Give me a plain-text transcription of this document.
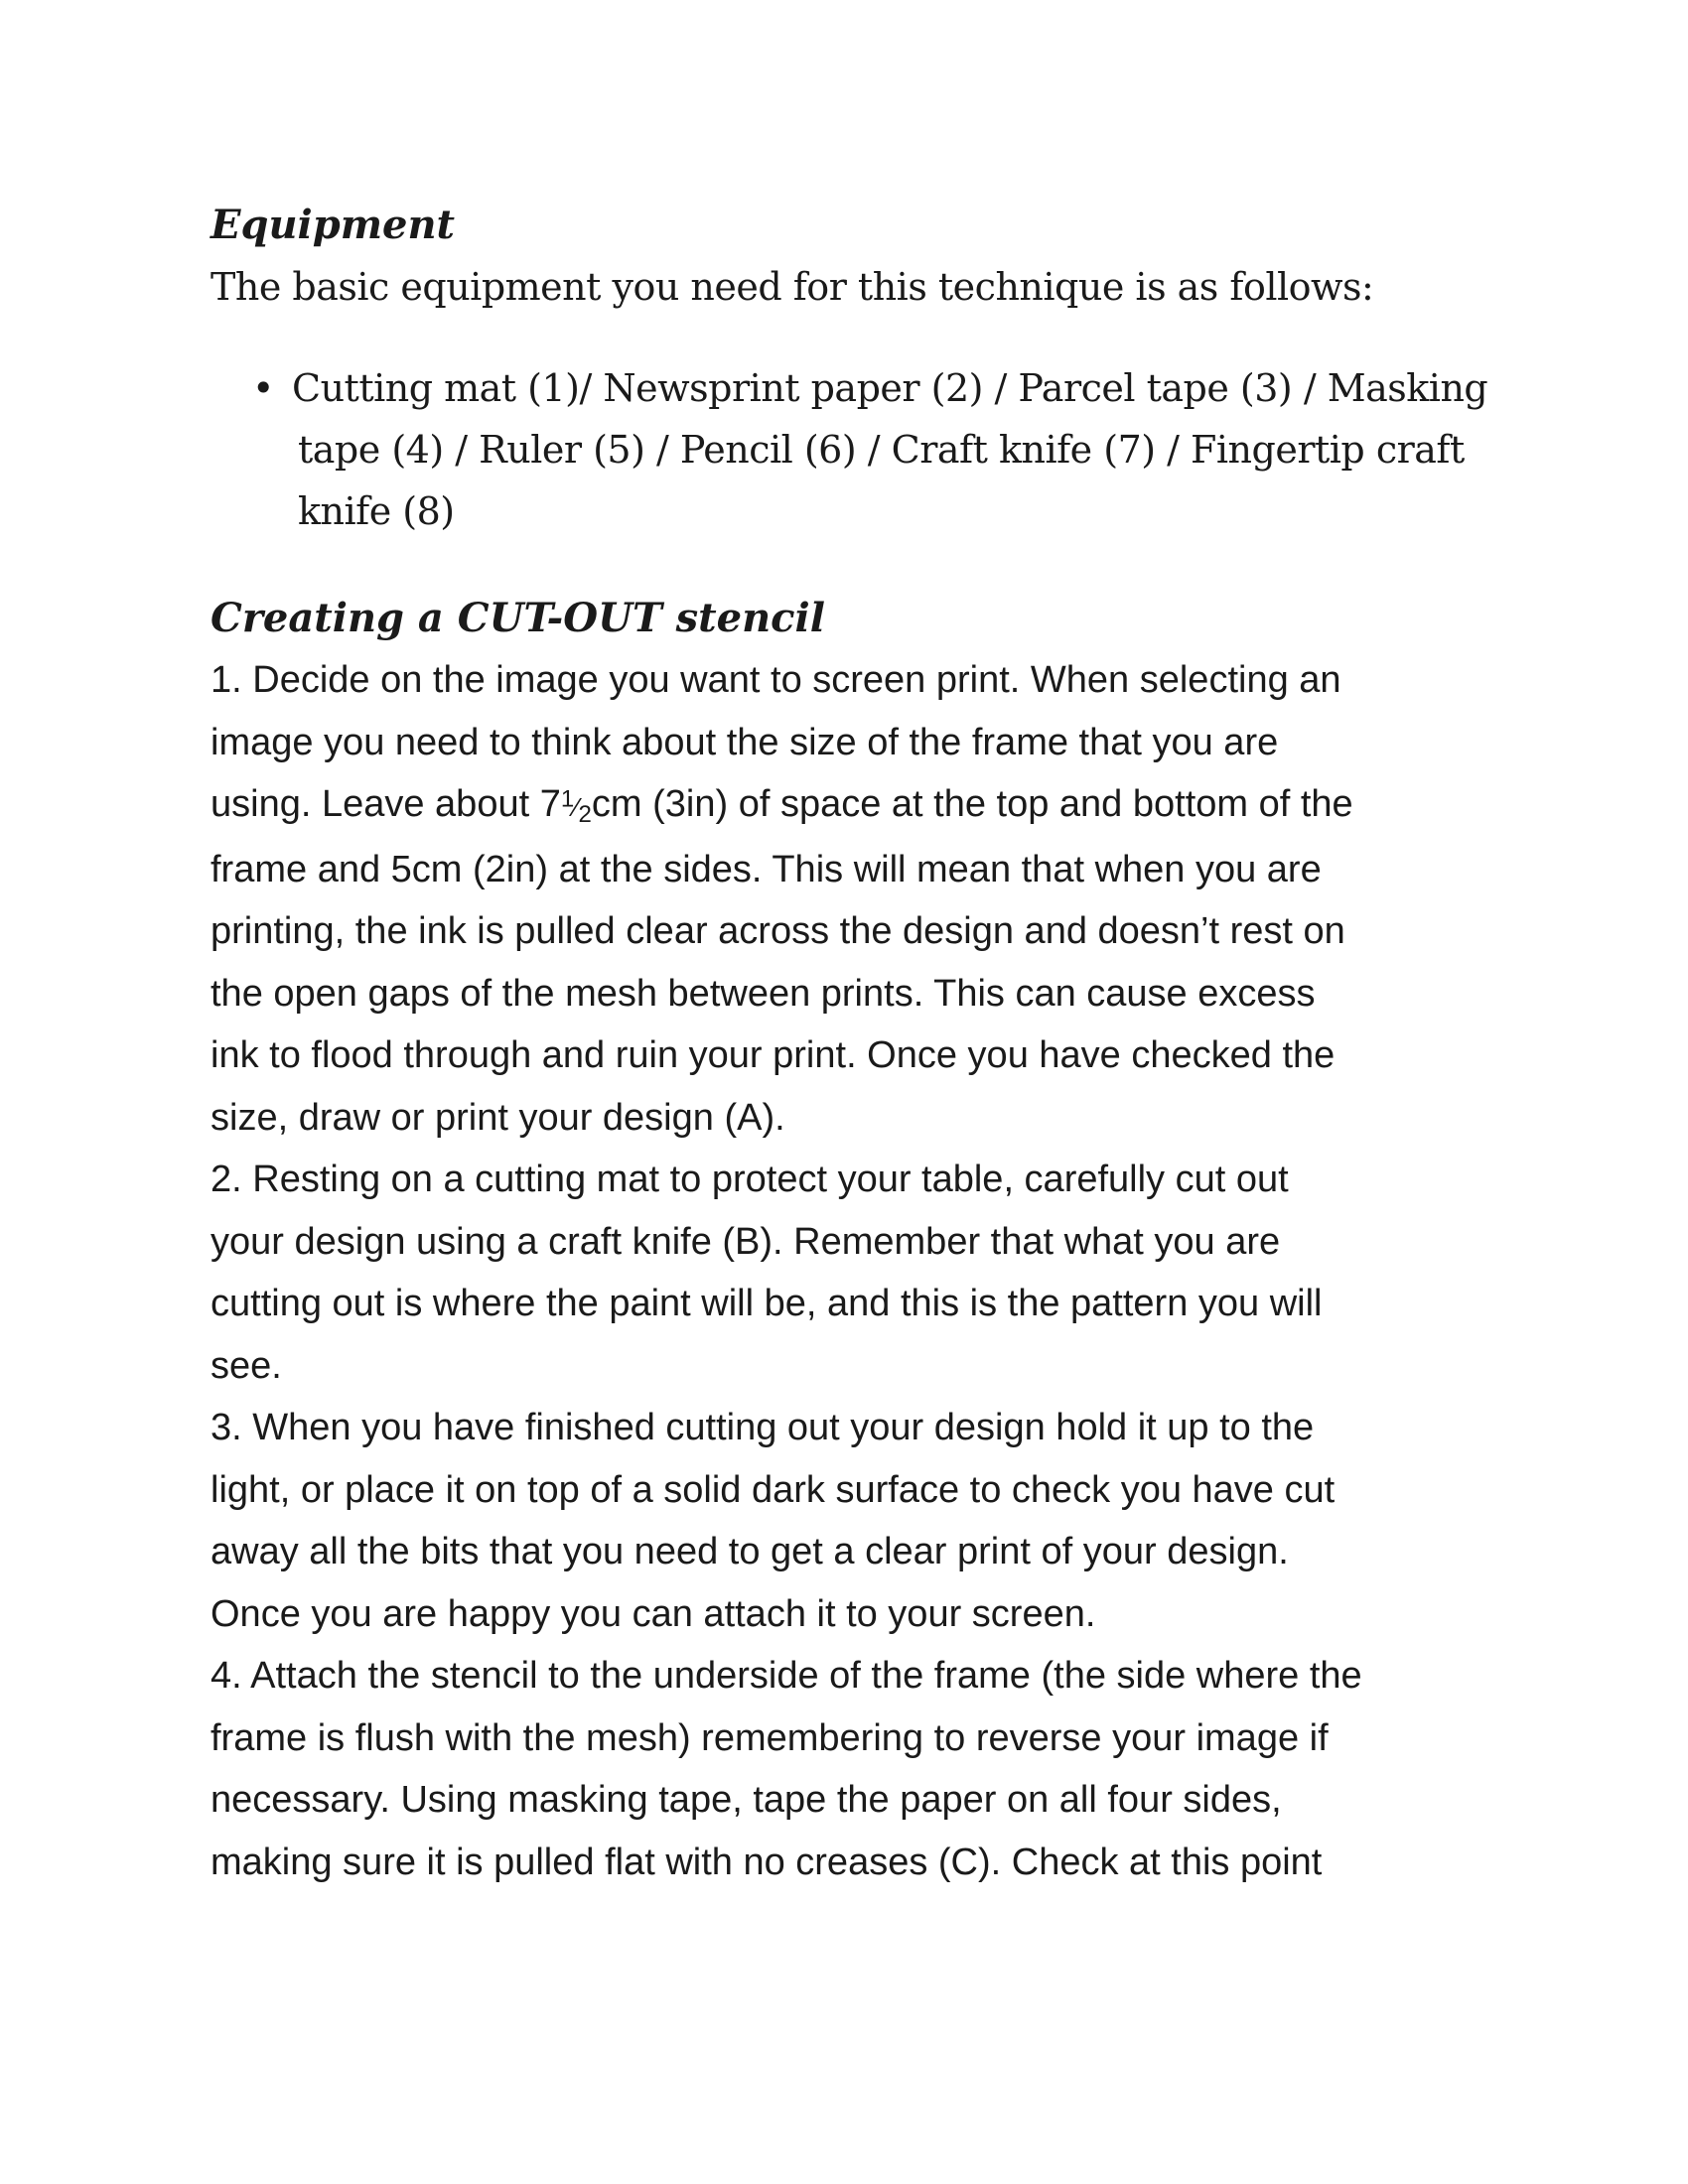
Equipment

The basic equipment you need for this technique is as follows:

• Cutting mat (1)/ Newsprint paper (2) / Parcel tape (3) / Masking
tape (4) / Ruler (5) / Pencil (6) / Craft knife (7) / Fingertip craft
knife (8)
Creating a CUT-OUT stencil
1. Decide on the image you want to screen print. When selecting an
image you need to think about the size of the frame that you are
using. Leave about $7^1⁄_2cm$ (3in) of space at the top and bottom of the
frame and 5cm (2in) at the sides. This will mean that when you are
printing, the ink is pulled clear across the design and doesn’t rest on
the open gaps of the mesh between prints. This can cause excess
ink to flood through and ruin your print. Once you have checked the
size, draw or print your design (A).
2. Resting on a cutting mat to protect your table, carefully cut out
your design using a craft knife (B). Remember that what you are
cutting out is where the paint will be, and this is the pattern you will
see.
3. When you have finished cutting out your design hold it up to the
light, or place it on top of a solid dark surface to check you have cut
away all the bits that you need to get a clear print of your design.
Once you are happy you can attach it to your screen.
4. Attach the stencil to the underside of the frame (the side where the
frame is flush with the mesh) remembering to reverse your image if
necessary. Using masking tape, tape the paper on all four sides,
making sure it is pulled flat with no creases (C). Check at this point
